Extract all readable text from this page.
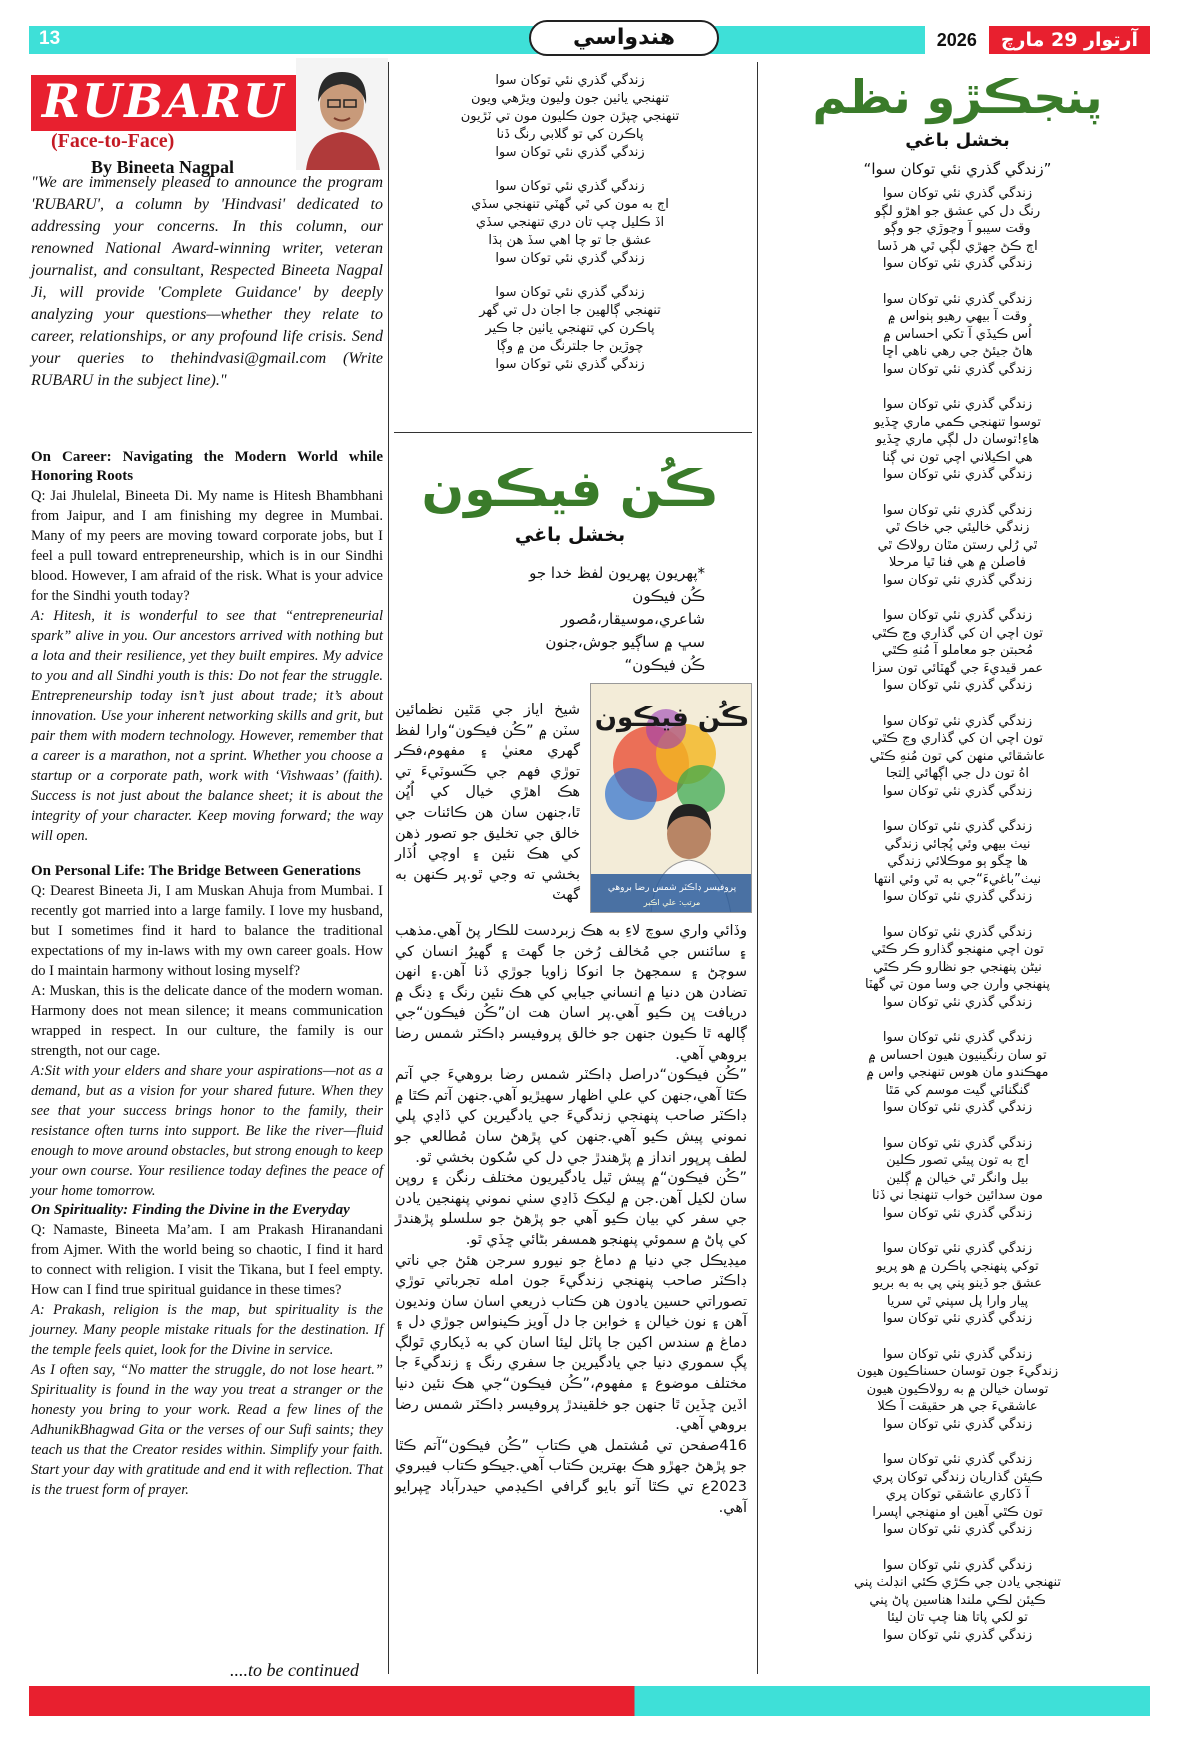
13	هندواسي	آرتوار 29 مارچ
2026
RUBARU
(Face-to-Face)
By Bineeta Nagpal
"We are immensely pleased to announce the program 'RUBARU', a column by 'Hindvasi' dedicated to addressing your concerns. In this column, our renowned National Award-winning writer, veteran journalist, and consultant, Respected Bineeta Nagpal Ji, will provide 'Complete Guidance' by deeply analyzing your questions—whether they relate to career, relationships, or any profound life crisis. Send your queries to thehindvasi@gmail.com (Write RUBARU in the subject line)."

On Career: Navigating the Modern World while Honoring Roots

Q: Jai Jhulelal, Bineeta Di. My name is Hitesh Bhambhani from Jaipur, and I am finishing my degree in Mumbai. Many of my peers are moving toward corporate jobs, but I feel a pull toward entrepreneurship, which is in our Sindhi blood. However, I am afraid of the risk. What is your advice for the Sindhi youth today?

A: Hitesh, it is wonderful to see that “entrepreneurial spark” alive in you. Our ancestors arrived with nothing but a lota and their resilience, yet they built empires. My advice to you and all Sindhi youth is this: Do not fear the struggle. Entrepreneurship today isn’t just about trade; it’s about innovation. Use your inherent networking skills and grit, but pair them with modern technology. However, remember that a career is a marathon, not a sprint. Whether you choose a startup or a corporate path, work with ‘Vishwaas’ (faith). Success is not just about the balance sheet; it is about the integrity of your character. Keep moving forward; the way will open.

On Personal Life: The Bridge Between Generations

Q: Dearest Bineeta Ji, I am Muskan Ahuja from Mumbai. I recently got married into a large family. I love my husband, but I sometimes find it hard to balance the traditional expectations of my in-laws with my own career goals. How do I maintain harmony without losing myself?

A: Muskan, this is the delicate dance of the modern woman. Harmony does not mean silence; it means communication wrapped in respect. In our culture, the family is our strength, not our cage.

A:Sit with your elders and share your aspirations—not as a demand, but as a vision for your shared future. When they see that your success brings honor to the family, their resistance often turns into support. Be like the river—fluid enough to move around obstacles, but strong enough to keep your own course. Your resilience today defines the peace of your home tomorrow.

On Spirituality: Finding the Divine in the Everyday

Q: Namaste, Bineeta Ma’am. I am Prakash Hiranandani from Ajmer. With the world being so chaotic, I find it hard to connect with religion. I visit the Tikana, but I feel empty. How can I find true spiritual guidance in these times?

A: Prakash, religion is the map, but spirituality is the journey. Many people mistake rituals for the destination. If the temple feels quiet, look for the Divine in service.

As I often say, “No matter the struggle, do not lose heart.” Spirituality is found in the way you treat a stranger or the honesty you bring to your work. Read a few lines of the AdhunikBhagwad Gita or the verses of our Sufi saints; they teach us that the Creator resides within. Simplify your faith. Start your day with gratitude and end it with reflection. That is the truest form of prayer.

....to be continued
زندگي گذري نئي توکان سوا
تنهنجي ياٺين جون وليون ويڙهي ويون
تنهنجي چپڙن جون ڪليون مون تي ٽڙيون
پاڪرن کي تو گلابي رنگ ڏنا
زندگي گذري نئي توکان سوا
زندگي گذري نئي توکان سوا
اڄ به مون کي ٿي گهٽي تنهنجي سڏي
اڏ ڪليل چپ تان دري تنهنجي سڏي
عشق جا تو چا اهي سڏ هن ٻڌا
زندگي گذري نئي توکان سوا
زندگي گذري نئي توکان سوا
تنهنجي ڳالهين جا اجان دل تي گهر
پاڪرن کي تنهنجي ياٺين جا ڪير
چوڙين جا جلترنگ من ۾ وڳا
زندگي گذري نئي توکان سوا
ڪُن فيڪون
بخشل باغي
*پهريون پهريون لفظ خدا جو
ڪُن فيڪون
شاعري،موسيقار،مُصور
سڀ ۾ ساڳيو جوش،جنون
ڪُن فيڪون“
ڪُن فيڪون
پروفيسر ڊاڪٽر شمس رضا بروهي
مرتب: علي اڪبر
شيخ اياز جي مَٿين نظمائين سٽن ۾ ”ڪُن فيڪون“وارا لفظ گهري معنيٰ ۽ مفهوم،فڪر توڙي فهم جي ڪَسوٽيءَ تي هڪ اهڙي خيال کي اُڀُن ٿا،جنهن سان هن ڪائنات جي خالق جي تخليق جو تصور ذهن کي هڪ نئين ۽ اوچي اُڏار بخشي ته وجي ٿو.پر ڪنهن به گهٽ

وڏائي واري سوچ لاءِ به هڪ زبردست للڪار پڻ آهي.مذهب ۽ سائنس جي مُخالف رُخن جا گهٽ ۽ گهيرُ انسان کي سوچڻ ۽ سمجهڻ جا انوکا زاويا جوڙي ڏنا آهن.۽ انهن تضادن هن دنيا ۾ انساني جيابي کي هڪ نئين رنگ ۽ ڍنگ ۾ دريافت ڀن ڪيو آهي.پر اسان هت ان”ڪُن فيڪون“جي ڳالهه ٿا ڪيون جنهن جو خالق پروفيسر ڊاڪٽر شمس رضا بروهي آهي.

”ڪُن فيڪون“دراصل ڊاڪٽر شمس رضا بروهيءَ جي آتم ڪٿا آهي،جنهن کي علي اظهار سهيڙيو آهي.جنهن آتم ڪٿا ۾ ڊاڪٽر صاحب پنهنجي زندگيءَ جي يادگيرين کي ڏاڍي پلي نموني پيش ڪيو آهي.جنهن کي پڙهڻ سان مُطالعي جو لطف پرپور انداز ۾ پڙهندڙ جي دل کي سُکون بخشي ٿو.

”ڪُن فيڪون“۾ پيش ٿيل يادگيريون مختلف رنگن ۽ روپن سان لکيل آهن.جن ۾ ليکڪ ڏاڍي سٺي نموني پنهنجين يادن جي سفر کي بيان ڪيو آهي جو پڙهڻ جو سلسلو پڙهندڙ کي پاڻ ۾ سموئي پنهنجو همسفر بڻائي ڇڏي ٿو.

ميڊيڪل جي دنيا ۾ دماغ جو نيورو سرجن هئڻ جي ناتي ڊاڪٽر صاحب پنهنجي زندگيءَ جون امله تجرباتي توڙي تصوراتي حسين يادون هن ڪتاب ذريعي اسان سان ونديون آهن ۽ نون خيالن ۽ خوابن جا دل آويز ڪينواس جوڙي دل ۽ دماغ ۾ سندس اکين جا پاٽل ليئا اسان کي به ڏيکاري ٿولڳ پڳ سموري دنيا جي يادگيرين جا سفري رنگ ۽ زندگيءَ جا مختلف موضوع ۽ مفهوم،”ڪُن فيڪون“جي هڪ نئين دنيا اڏين ڇڏين ٿا جنهن جو خلقيندڙ پروفيسر ڊاڪٽر شمس رضا بروهي آهي.

416صفحن تي مُشتمل هي ڪتاب ”ڪُن فيڪون“آتم ڪٿا جو پڙهڻ جهڙو هڪ بهترين ڪتاب آهي.جيڪو ڪتاب فيبروي 2023ع تي ڪٿا آتو بايو گرافي اڪيڊمي حيدرآباد ڇپرايو آهي.

پنجڪڙو نظم
بخشل باغي
”زندگي گذري نئي توکان سوا“
زندگي گذري نئي توکان سوا
رنگ دل کي عشق جو اهڙو لڳو
وقت سيبو آ وڃوڙي جو وڳو
اڄ ڪڻ جهڙي لڳي ٿي هر ڏسا
زندگي گذري نئي توکان سوا
زندگي گذري نئي توکان سوا
وقت آ بيهي رهيو ٻنواس ۾
اُس ڪيڏي آ تکي احساس ۾
هاڻ جيئڻ جي رهي ناهي اڇا
زندگي گذري نئي توکان سوا
زندگي گذري نئي توکان سوا
توسوا تنهنجي ڪمي ماري ڇڏيو
هاءِ!توسان دل لڳي ماري ڇڏيو
هي اڪيلاني اچي تون ني ڳنا
زندگي گذري نئي توکان سوا
زندگي گذري نئي توکان سوا
زندگي خاليئي جي خاڪ ٿي
ٿي رُلي رستن مٿان رولاڪ ٿي
فاصلن ۾ هي فنا ٿيا مرحلا
زندگي گذري نئي توکان سوا
زندگي گذري نئي توکان سوا
تون اچي ان کي گذاري وڃ ڪٿي
مُحبتن جو معاملو آ مُنهِ ڪٿي
عمر قيديءَ جي گهٽائي تون سزا
زندگي گذري نئي توکان سوا
زندگي گذري نئي توکان سوا
تون اچي ان کي گذاري وڃ ڪٿي
عاشقائي منهن کي تون مُنهِ ڪٿي
اهُ تون دل جي اڳهائي اِلتجا
زندگي گذري نئي توکان سوا
زندگي گذري نئي توکان سوا
نيٺ بيهي وئي پُڄائي زندگي
ها ڇگو ٻو موڪلائي زندگي
نيٺ”باغيءَ“جي به ٿي وئي انتها
زندگي گذري نئي توکان سوا
زندگي گذري نئي توکان سوا
تون اچي منهنجو گذارو ڪر ڪٿي
نيڻن پنهنجي جو نظارو ڪر ڪٿي
پنهنجي وارن جي وسا مون تي گهٽا
زندگي گذري نئي توکان سوا
زندگي گذري نئي توکان سوا
تو سان رنگينيون هيون احساس ۾
مهڪندو مان هوس تنهنجي واس ۾
گنگنائي گيت موسم کي مَٿا
زندگي گذري نئي توکان سوا
زندگي گذري نئي توکان سوا
اڄ به تون پيئي تصور ڪلين
بيل وانگر ٿي خيالن ۾ ڳلين
مون سدائين خواب تنهنجا ني ڏٺا
زندگي گذري نئي توکان سوا
زندگي گذري نئي توکان سوا
توکي پنهنجي پاڪرن ۾ هو پريو
عشق جو ڏينو پني پي به به بريو
پيار وارا پل سپني ٿي سريا
زندگي گذري نئي توکان سوا
زندگي گذري نئي توکان سوا
زندگيءَ جون توسان حسناڪيون هيون
توسان خيالن ۾ به رولاڪيون هيون
عاشقيءَ جي هر حقيقت آ ڪلا
زندگي گذري نئي توکان سوا
زندگي گذري نئي توکان سوا
ڪيئن گذاريان زندگي توکان پري
آ ڏکاري عاشقي توکان پري
تون ڪٿي آهين او منهنجي اپسرا
زندگي گذري نئي توکان سوا
زندگي گذري نئي توکان سوا
تنهنجي يادن جي ڪڙي ڪئي انڊلٺ پني
ڪيئن لڪي ملندا هناسين پاڻ پني
تو لکي پاتا هنا چپ تان ليئا
زندگي گذري نئي توکان سوا
